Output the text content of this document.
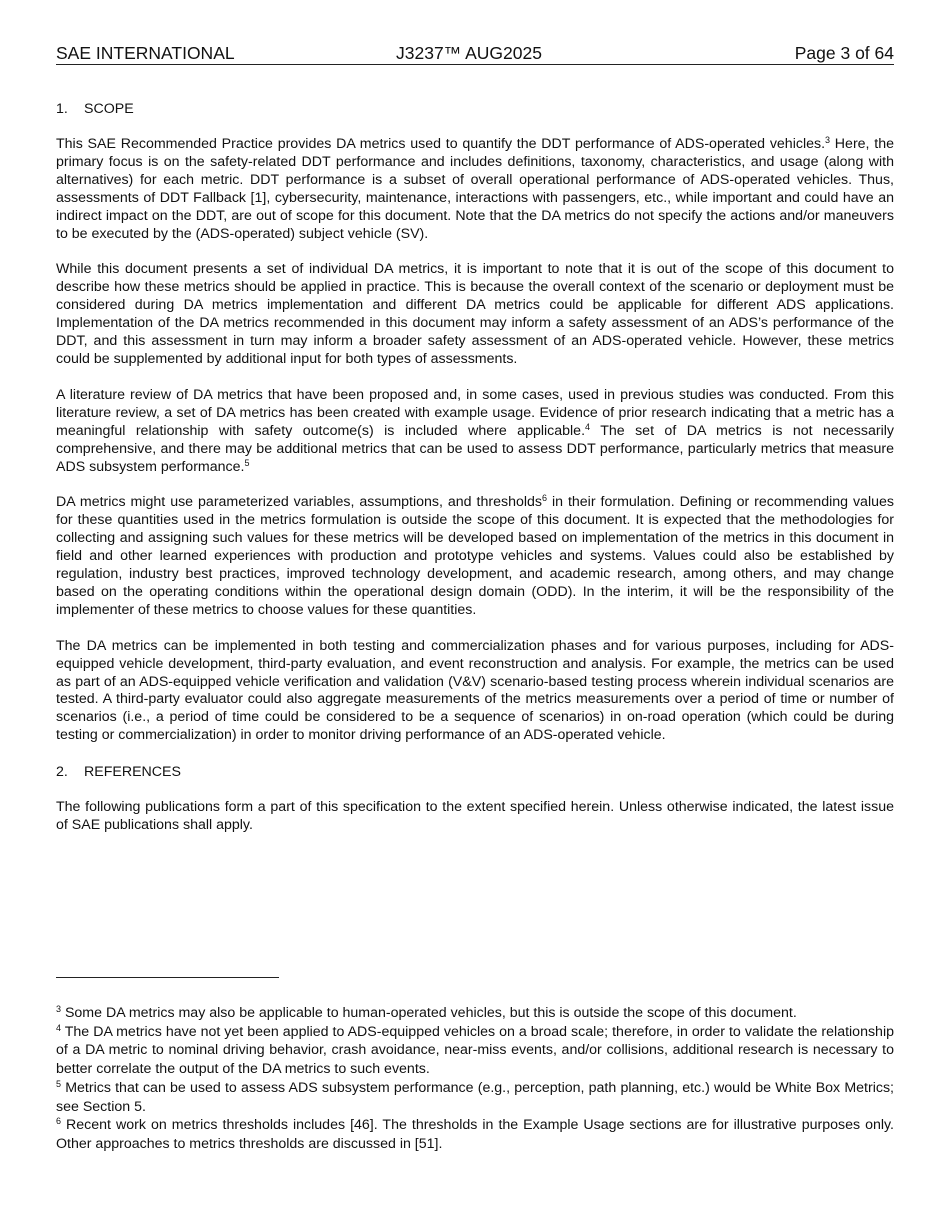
SAE INTERNATIONAL	J3237™ AUG2025	Page 3 of 64
1. SCOPE

This SAE Recommended Practice provides DA metrics used to quantify the DDT performance of ADS-operated vehicles.$^3$ Here, the primary focus is on the safety-related DDT performance and includes definitions, taxonomy, characteristics, and usage (along with alternatives) for each metric. DDT performance is a subset of overall operational performance of ADS-operated vehicles. Thus, assessments of DDT Fallback [1], cybersecurity, maintenance, interactions with passengers, etc., while important and could have an indirect impact on the DDT, are out of scope for this document. Note that the DA metrics do not specify the actions and/or maneuvers to be executed by the (ADS-operated) subject vehicle (SV).

While this document presents a set of individual DA metrics, it is important to note that it is out of the scope of this document to describe how these metrics should be applied in practice. This is because the overall context of the scenario or deployment must be considered during DA metrics implementation and different DA metrics could be applicable for different ADS applications. Implementation of the DA metrics recommended in this document may inform a safety assessment of an ADS’s performance of the DDT, and this assessment in turn may inform a broader safety assessment of an ADS-operated vehicle. However, these metrics could be supplemented by additional input for both types of assessments.

A literature review of DA metrics that have been proposed and, in some cases, used in previous studies was conducted. From this literature review, a set of DA metrics has been created with example usage. Evidence of prior research indicating that a metric has a meaningful relationship with safety outcome(s) is included where applicable.$^4$ The set of DA metrics is not necessarily comprehensive, and there may be additional metrics that can be used to assess DDT performance, particularly metrics that measure ADS subsystem performance.$^5$

DA metrics might use parameterized variables, assumptions, and thresholds$^6$ in their formulation. Defining or recommending values for these quantities used in the metrics formulation is outside the scope of this document. It is expected that the methodologies for collecting and assigning such values for these metrics will be developed based on implementation of the metrics in this document in field and other learned experiences with production and prototype vehicles and systems. Values could also be established by regulation, industry best practices, improved technology development, and academic research, among others, and may change based on the operating conditions within the operational design domain (ODD). In the interim, it will be the responsibility of the implementer of these metrics to choose values for these quantities.

The DA metrics can be implemented in both testing and commercialization phases and for various purposes, including for ADS-equipped vehicle development, third-party evaluation, and event reconstruction and analysis. For example, the metrics can be used as part of an ADS-equipped vehicle verification and validation (V&V) scenario-based testing process wherein individual scenarios are tested. A third-party evaluator could also aggregate measurements of the metrics measurements over a period of time or number of scenarios (i.e., a period of time could be considered to be a sequence of scenarios) in on-road operation (which could be during testing or commercialization) in order to monitor driving performance of an ADS-operated vehicle.

2. REFERENCES

The following publications form a part of this specification to the extent specified herein. Unless otherwise indicated, the latest issue of SAE publications shall apply.

$^3$ Some DA metrics may also be applicable to human-operated vehicles, but this is outside the scope of this document.

$^4$ The DA metrics have not yet been applied to ADS-equipped vehicles on a broad scale; therefore, in order to validate the relationship of a DA metric to nominal driving behavior, crash avoidance, near-miss events, and/or collisions, additional research is necessary to better correlate the output of the DA metrics to such events.

$^5$ Metrics that can be used to assess ADS subsystem performance (e.g., perception, path planning, etc.) would be White Box Metrics; see Section 5.

$^6$ Recent work on metrics thresholds includes [46]. The thresholds in the Example Usage sections are for illustrative purposes only. Other approaches to metrics thresholds are discussed in [51].
